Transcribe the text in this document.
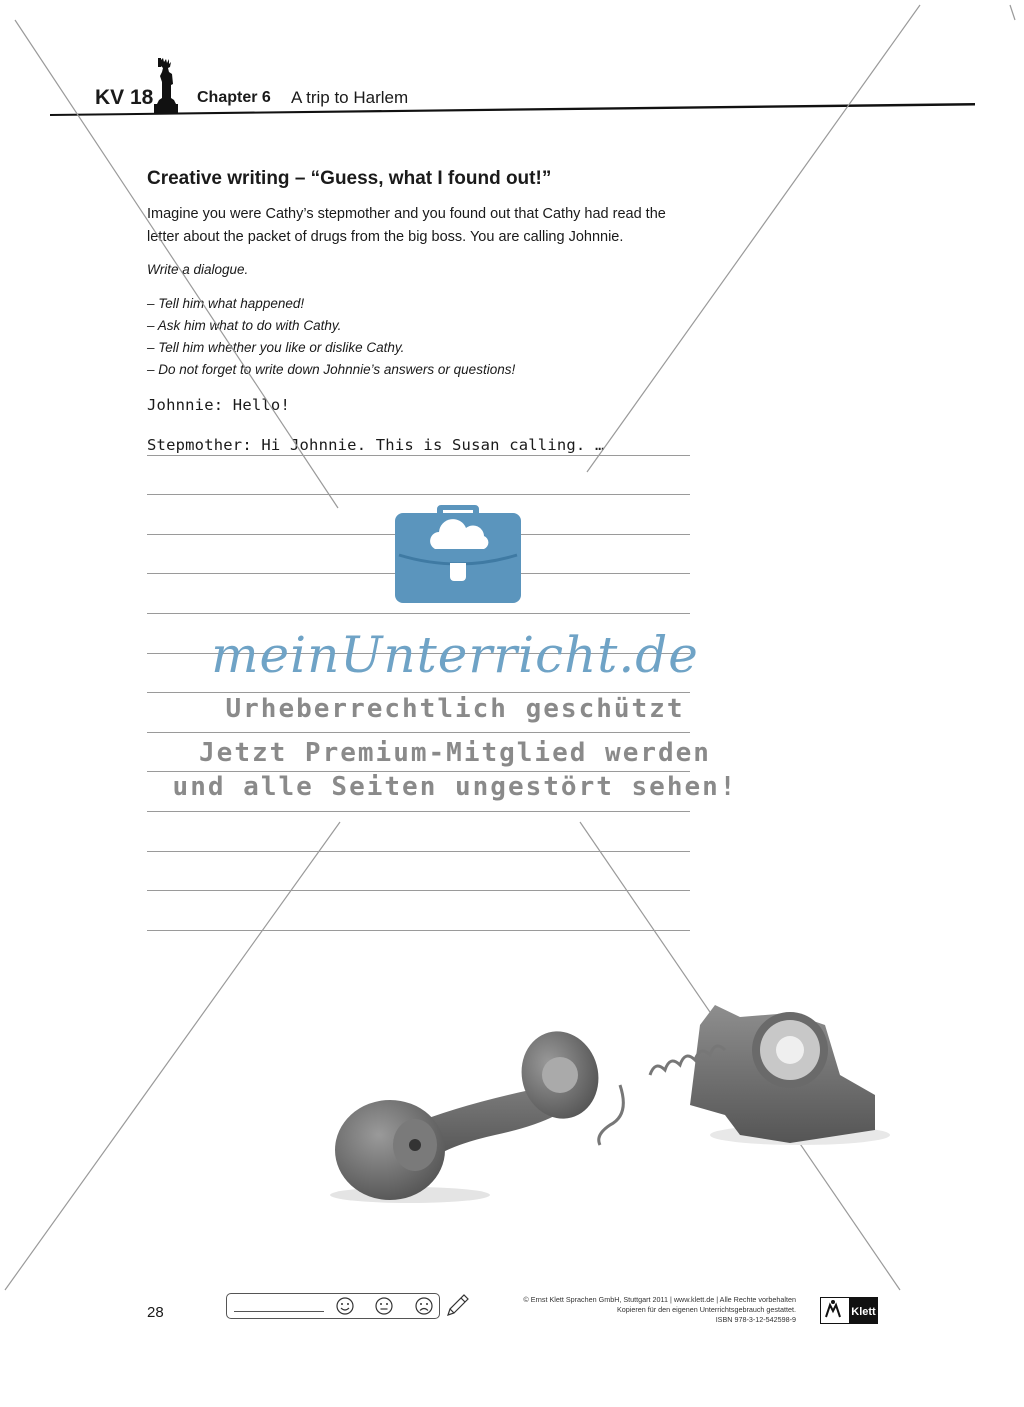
KV 18	Chapter 6 A trip to Harlem
Creative writing – “Guess, what I found out!”
Imagine you were Cathy’s stepmother and you found out that Cathy had read the
letter about the packet of drugs from the big boss. You are calling Johnnie.
Write a dialogue.
– Tell him what happened!
– Ask him what to do with Cathy.
– Tell him whether you like or dislike Cathy.
– Do not forget to write down Johnnie’s answers or questions!
Johnnie: Hello!
Stepmother: Hi Johnnie. This is Susan calling. …
meinUnterricht.de
Urheberrechtlich geschützt
Jetzt Premium-Mitglied werden
und alle Seiten ungestört sehen!
28
© Ernst Klett Sprachen GmbH, Stuttgart 2011 | www.klett.de | Alle Rechte vorbehalten
Kopieren für den eigenen Unterrichtsgebrauch gestattet.
ISBN 978-3-12-542598-9
Klett
